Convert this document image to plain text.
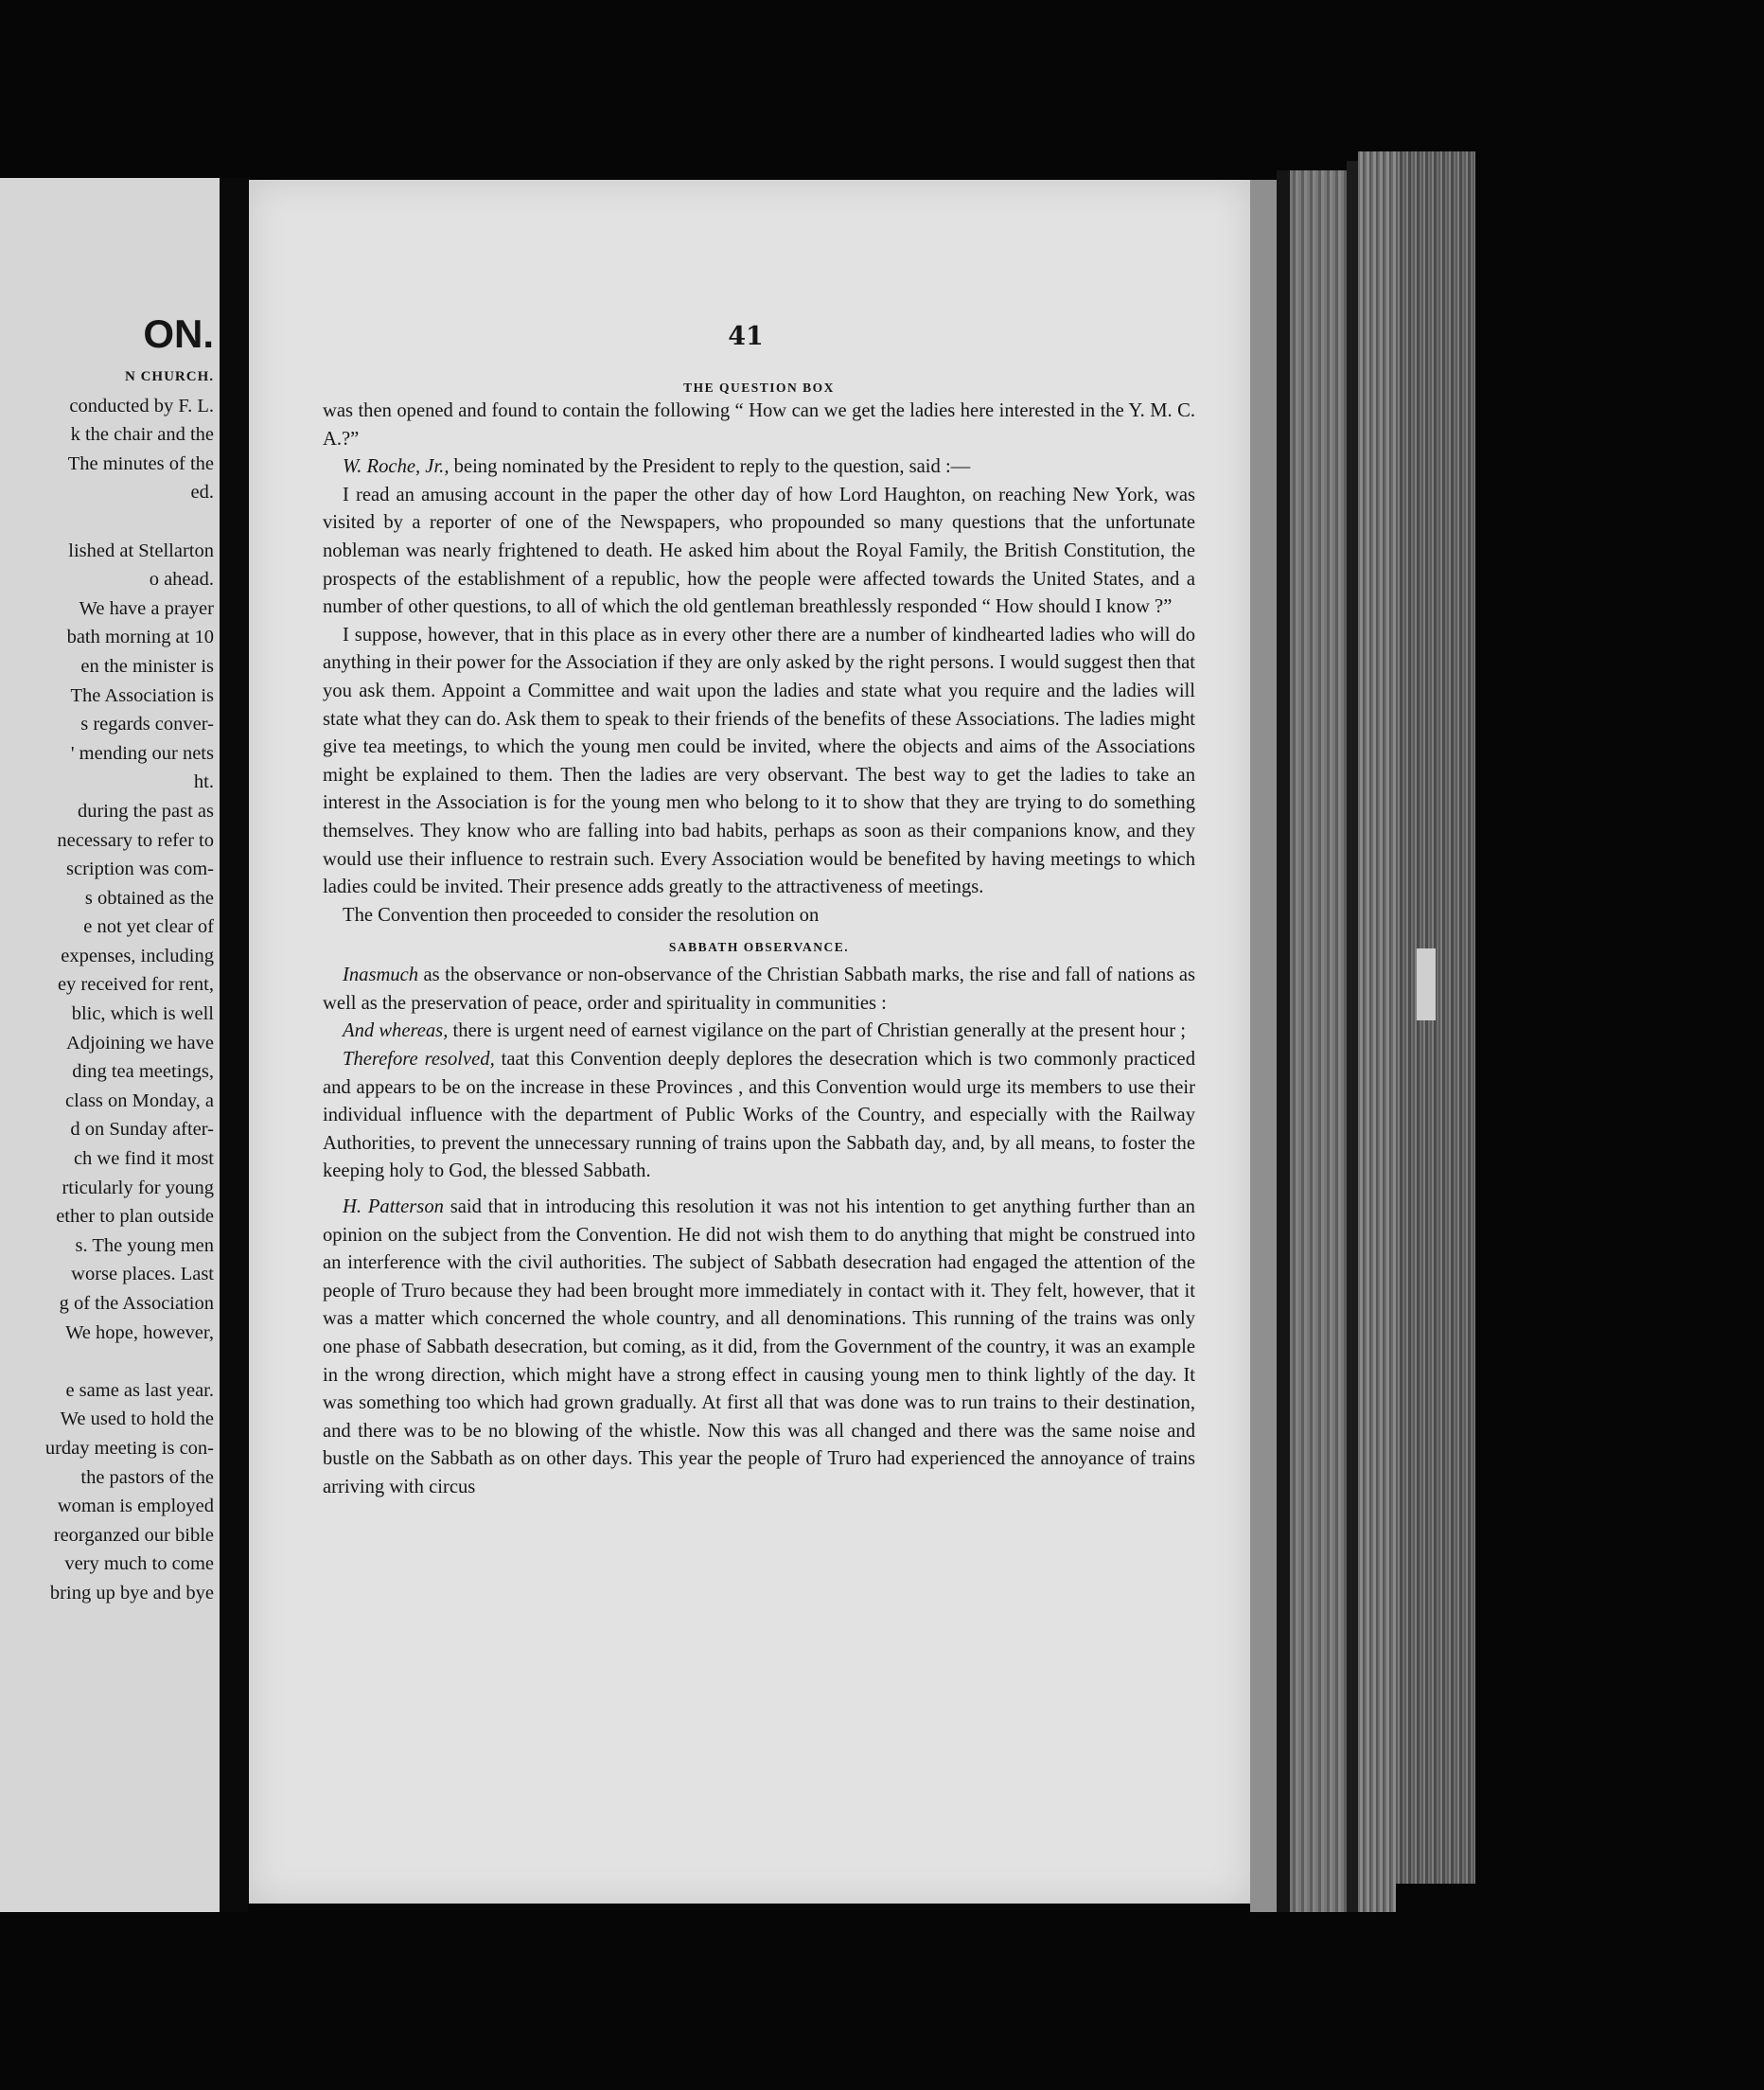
ON.
N CHURCH.
conducted by F. L.
k the chair and the
The minutes of the
ed.

lished at Stellarton
o ahead.
We have a prayer
bath morning at 10
en the minister is
The Association is
s regards conver-
' mending our nets
ht.
during the past as
necessary to refer to
scription was com-
s obtained as the
e not yet clear of
expenses, including
ey received for rent,
blic, which is well
Adjoining we have
ding tea meetings,
class on Monday, a
d on Sunday after-
ch we find it most
rticularly for young
ether to plan outside
s. The young men
worse places. Last
g of the Association
We hope, however,

e same as last year.
We used to hold the
urday meeting is con-
the pastors of the
woman is employed
reorganzed our bible
very much to come
bring up bye and bye
41
THE QUESTION BOX

was then opened and found to contain the following “ How can we get the ladies here interested in the Y. M. C. A.?”

W. Roche, Jr., being nominated by the President to reply to the question, said :—

I read an amusing account in the paper the other day of how Lord Haughton, on reaching New York, was visited by a reporter of one of the Newspapers, who propounded so many questions that the unfortunate nobleman was nearly frightened to death. He asked him about the Royal Family, the British Constitution, the prospects of the establishment of a republic, how the people were affected towards the United States, and a number of other questions, to all of which the old gentleman breathlessly responded “ How should I know ?”

I suppose, however, that in this place as in every other there are a number of kindhearted ladies who will do anything in their power for the Association if they are only asked by the right persons. I would suggest then that you ask them. Appoint a Committee and wait upon the ladies and state what you require and the ladies will state what they can do. Ask them to speak to their friends of the benefits of these Associations. The ladies might give tea meetings, to which the young men could be invited, where the objects and aims of the Associations might be explained to them. Then the ladies are very observant. The best way to get the ladies to take an interest in the Association is for the young men who belong to it to show that they are trying to do something themselves. They know who are falling into bad habits, perhaps as soon as their companions know, and they would use their influence to restrain such. Every Association would be benefited by having meetings to which ladies could be invited. Their presence adds greatly to the attractiveness of meetings.

The Convention then proceeded to consider the resolution on

SABBATH OBSERVANCE.

Inasmuch as the observance or non-observance of the Christian Sabbath marks, the rise and fall of nations as well as the preservation of peace, order and spirituality in communities :

And whereas, there is urgent need of earnest vigilance on the part of Christian generally at the present hour ;

Therefore resolved, taat this Convention deeply deplores the desecration which is two commonly practiced and appears to be on the increase in these Provinces , and this Convention would urge its members to use their individual influence with the department of Public Works of the Country, and especially with the Railway Authorities, to prevent the unnecessary running of trains upon the Sabbath day, and, by all means, to foster the keeping holy to God, the blessed Sabbath.

H. Patterson said that in introducing this resolution it was not his intention to get anything further than an opinion on the subject from the Convention. He did not wish them to do anything that might be construed into an interference with the civil authorities. The subject of Sabbath desecration had engaged the attention of the people of Truro because they had been brought more immediately in contact with it. They felt, however, that it was a matter which concerned the whole country, and all denominations. This running of the trains was only one phase of Sabbath desecration, but coming, as it did, from the Government of the country, it was an example in the wrong direction, which might have a strong effect in causing young men to think lightly of the day. It was something too which had grown gradually. At first all that was done was to run trains to their destination, and there was to be no blowing of the whistle. Now this was all changed and there was the same noise and bustle on the Sabbath as on other days. This year the people of Truro had experienced the annoyance of trains arriving with circus
